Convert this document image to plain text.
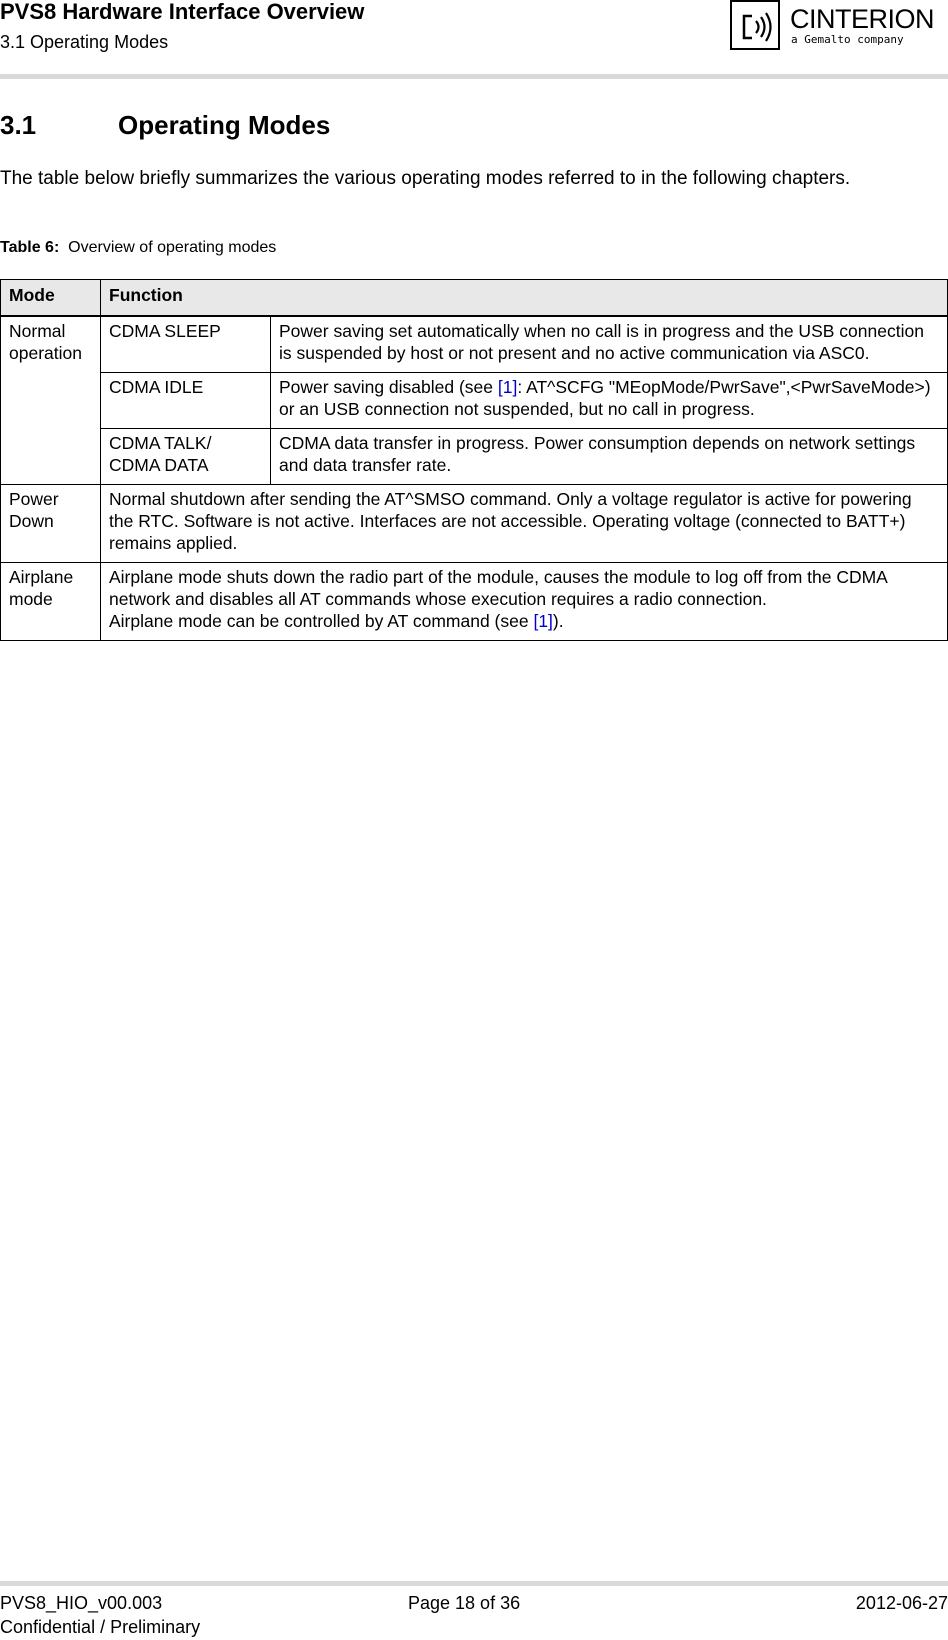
PVS8 Hardware Interface Overview
3.1 Operating Modes
CINTERION
a Gemalto company
3.1	Operating Modes

The table below briefly summarizes the various operating modes referred to in the following chapters.

Table 6: Overview of operating modes
Mode	Function	
Normal operation	CDMA SLEEP	Power saving set automatically when no call is in progress and the USB connection is suspended by host or not present and no active communication via ASC0.
	CDMA IDLE	Power saving disabled (see [1]: AT^SCFG "MEopMode/PwrSave",<PwrSaveMode>) or an USB connection not suspended, but no call in progress.
	CDMA TALK/ CDMA DATA	CDMA data transfer in progress. Power consumption depends on network settings and data transfer rate.
Power Down	Normal shutdown after sending the AT^SMSO command. Only a voltage regulator is active for powering the RTC. Software is not active. Interfaces are not accessible. Operating voltage (connected to BATT+) remains applied.	
Airplane mode	Airplane mode shuts down the radio part of the module, causes the module to log off from the CDMA network and disables all AT commands whose execution requires a radio connection.
Airplane mode can be controlled by AT command (see [1]).	
PVS8_HIO_v00.003	Page 18 of 36	2012-06-27
Confidential / Preliminary
